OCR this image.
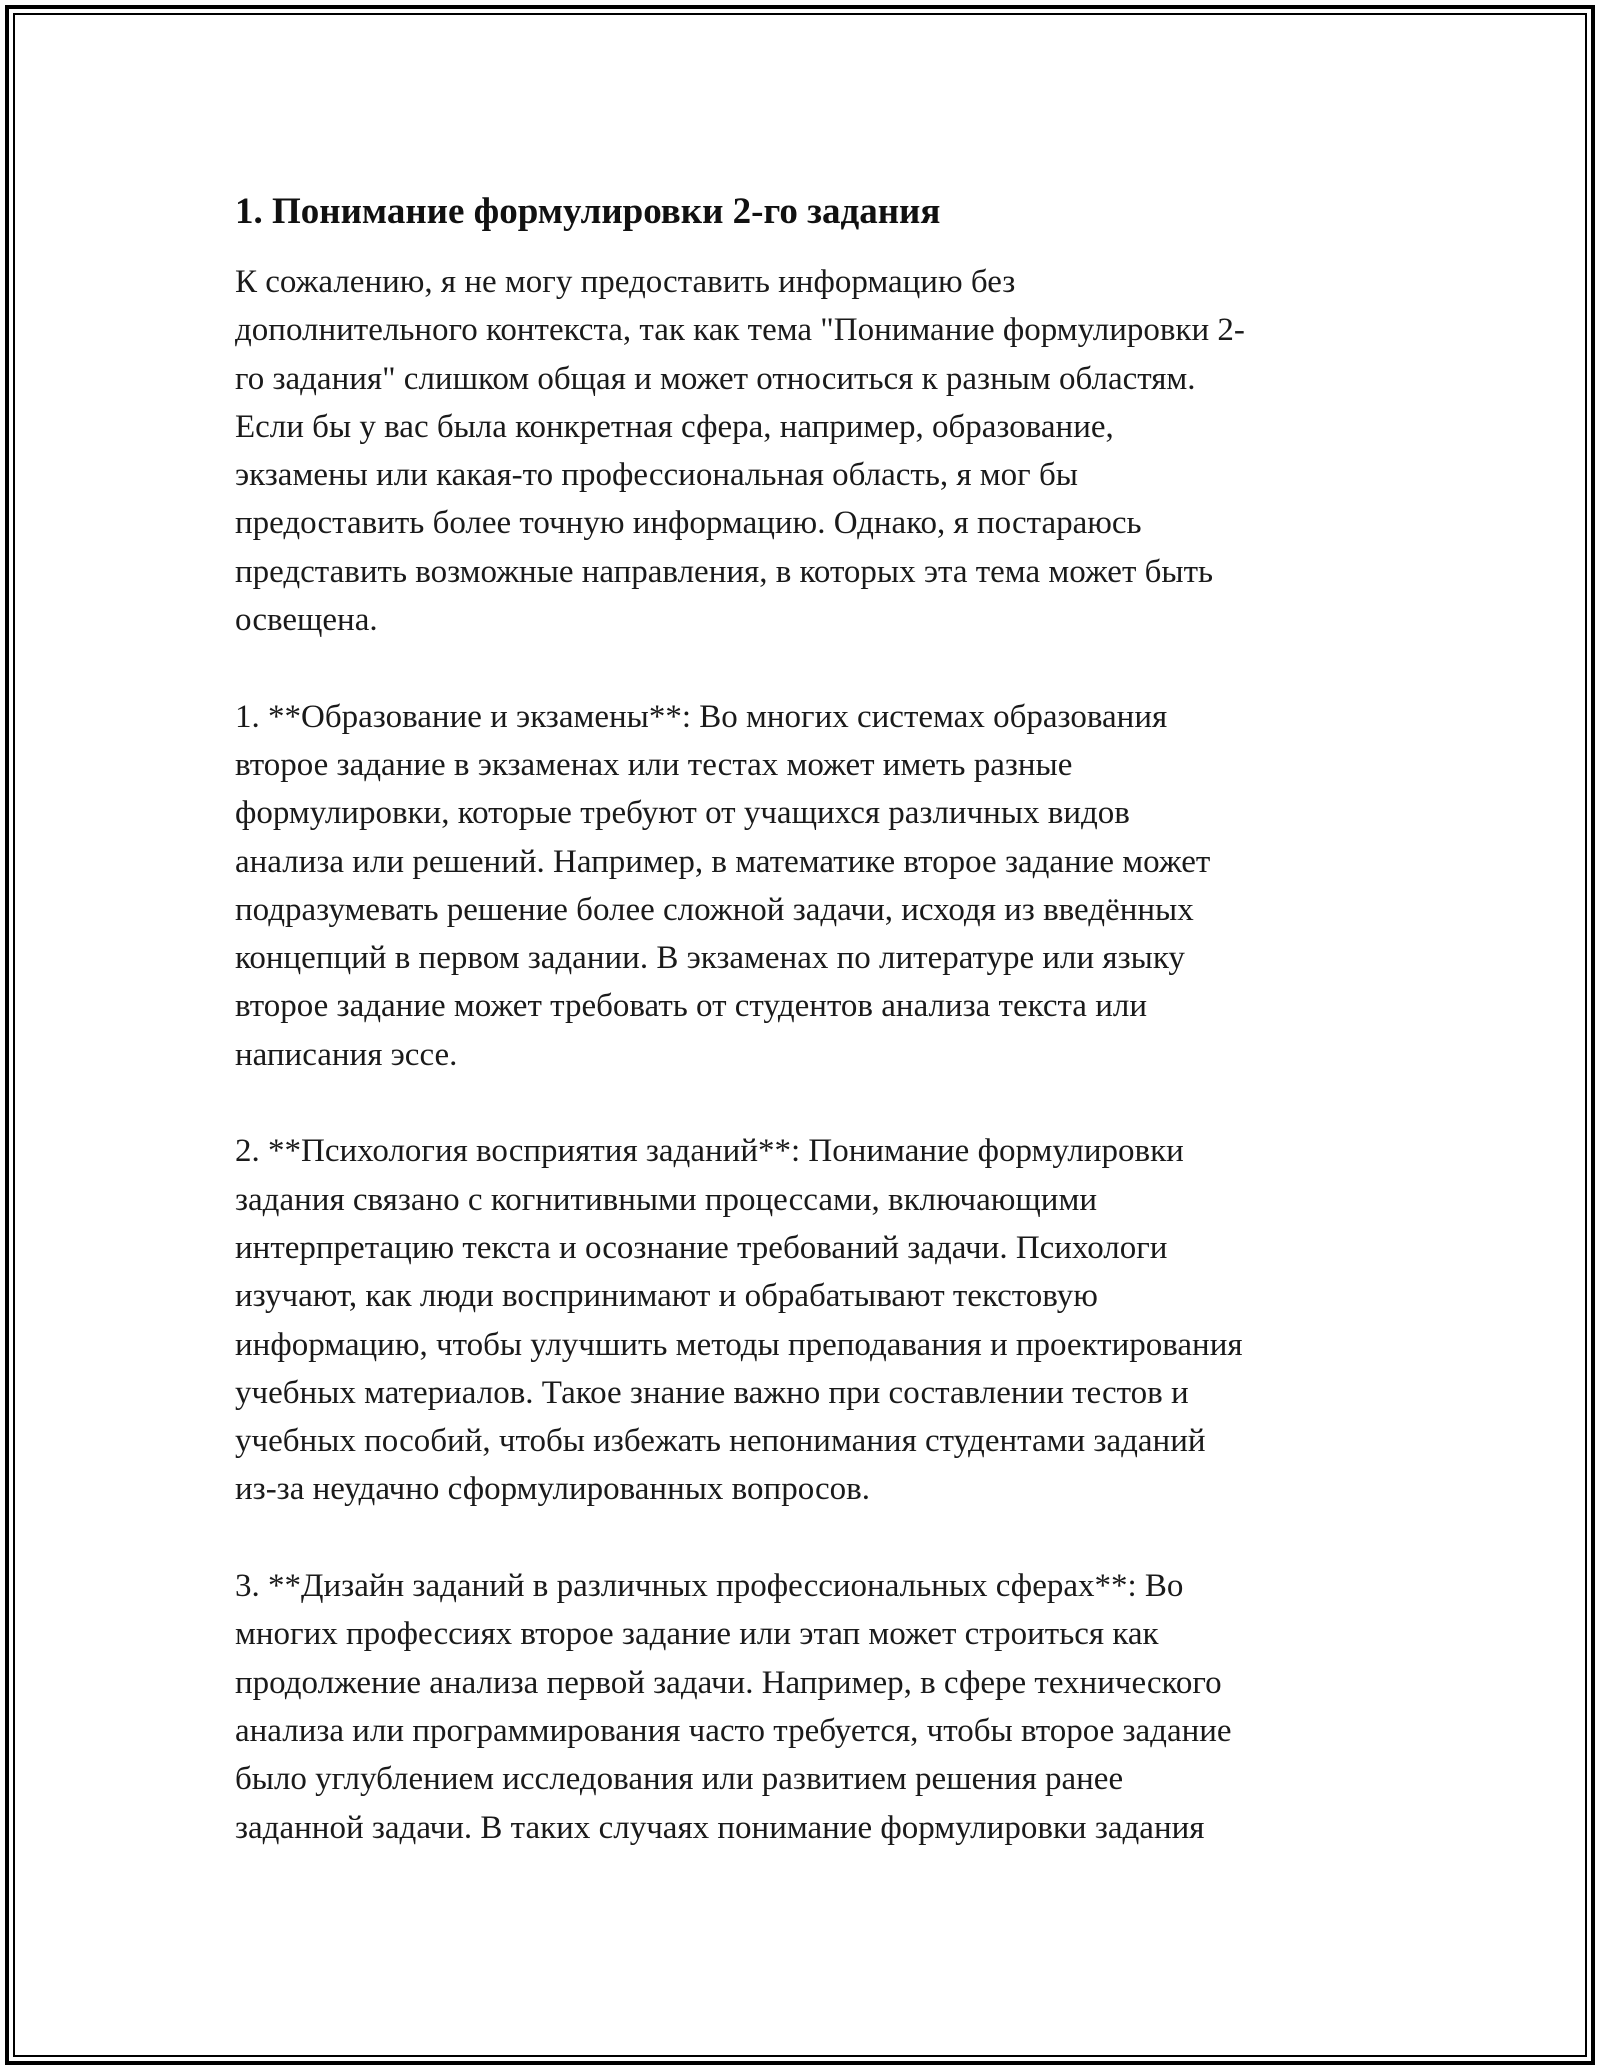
1. Понимание формулировки 2-го задания
К сожалению, я не могу предоставить информацию без
дополнительного контекста, так как тема "Понимание формулировки 2-
го задания" слишком общая и может относиться к разным областям.
Если бы у вас была конкретная сфера, например, образование,
экзамены или какая-то профессиональная область, я мог бы
предоставить более точную информацию. Однако, я постараюсь
представить возможные направления, в которых эта тема может быть
освещена.
1. **Образование и экзамены**: Во многих системах образования
второе задание в экзаменах или тестах может иметь разные
формулировки, которые требуют от учащихся различных видов
анализа или решений. Например, в математике второе задание может
подразумевать решение более сложной задачи, исходя из введённых
концепций в первом задании. В экзаменах по литературе или языку
второе задание может требовать от студентов анализа текста или
написания эссе.
2. **Психология восприятия заданий**: Понимание формулировки
задания связано с когнитивными процессами, включающими
интерпретацию текста и осознание требований задачи. Психологи
изучают, как люди воспринимают и обрабатывают текстовую
информацию, чтобы улучшить методы преподавания и проектирования
учебных материалов. Такое знание важно при составлении тестов и
учебных пособий, чтобы избежать непонимания студентами заданий
из-за неудачно сформулированных вопросов.
3. **Дизайн заданий в различных профессиональных сферах**: Во
многих профессиях второе задание или этап может строиться как
продолжение анализа первой задачи. Например, в сфере технического
анализа или программирования часто требуется, чтобы второе задание
было углублением исследования или развитием решения ранее
заданной задачи. В таких случаях понимание формулировки задания
